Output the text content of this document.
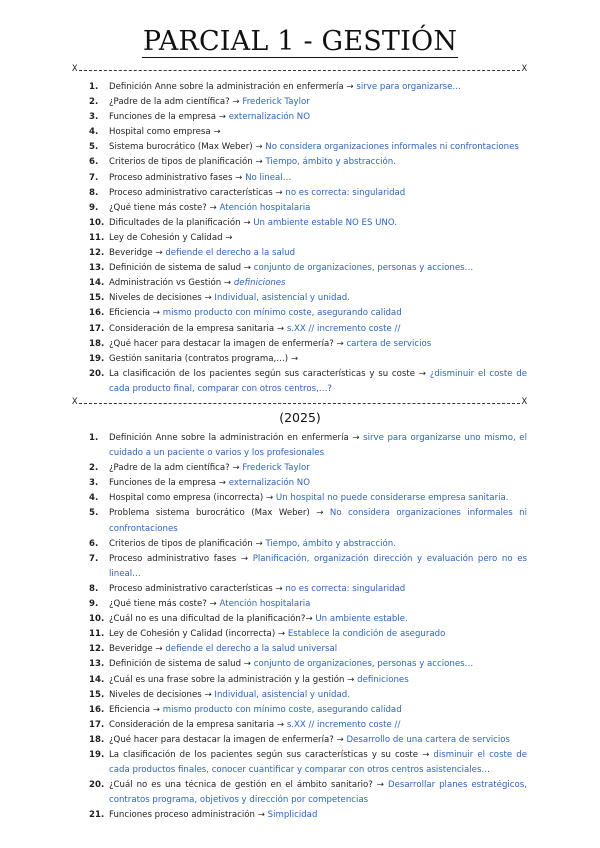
PARCIAL 1 - GESTIÓN
X	X
1.	Definición Anne sobre la administración en enfermería → sirve para organizarse…
2.	¿Padre de la adm científica? → Frederick Taylor
3.	Funciones de la empresa → externalización NO
4.	Hospital como empresa →
5.	Sistema burocrático (Max Weber) → No considera organizaciones informales ni confrontaciones
6.	Criterios de tipos de planificación → Tiempo, ámbito y abstracción.
7.	Proceso administrativo fases → No lineal…
8.	Proceso administrativo características → no es correcta: singularidad
9.	¿Qué tiene más coste? → Atención hospitalaria
10. Dificultades de la planificación → Un ambiente estable NO ES UNO.
11. Ley de Cohesión y Calidad →
12. Beveridge → defiende el derecho a la salud
13. Definición de sistema de salud → conjunto de organizaciones, personas y acciones…
14. Administración vs Gestión → definiciones
15. Niveles de decisiones → Individual, asistencial y unidad.
16. Eficiencia → mismo producto con mínimo coste, asegurando calidad
17. Consideración de la empresa sanitaria → s.XX // incremento coste //
18. ¿Qué hacer para destacar la imagen de enfermería? → cartera de servicios
19. Gestión sanitaria (contratos programa,…) →
20. La clasificación de los pacientes según sus características y su coste → ¿disminuir el coste de cada producto final, comparar con otros centros,…?
X	X
(2025)
1.	Definición Anne sobre la administración en enfermería → sirve para organizarse uno mismo, el cuidado a un paciente o varios y los profesionales
2.	¿Padre de la adm científica? → Frederick Taylor
3.	Funciones de la empresa → externalización NO
4.	Hospital como empresa (incorrecta) → Un hospital no puede considerarse empresa sanitaria.
5.	Problema sistema burocrático (Max Weber) → No considera organizaciones informales ni confrontaciones
6.	Criterios de tipos de planificación → Tiempo, ámbito y abstracción.
7.	Proceso administrativo fases → Planificación, organización dirección y evaluación pero no es lineal…
8.	Proceso administrativo características → no es correcta: singularidad
9.	¿Qué tiene más coste? → Atención hospitalaria
10. ¿Cuál no es una dificultad de la planificación?→ Un ambiente estable.
11. Ley de Cohesión y Calidad (incorrecta) → Establece la condición de asegurado
12. Beveridge → defiende el derecho a la salud universal
13. Definición de sistema de salud → conjunto de organizaciones, personas y acciones…
14. ¿Cuál es una frase sobre la administración y la gestión → definiciones
15. Niveles de decisiones → Individual, asistencial y unidad.
16. Eficiencia → mismo producto con mínimo coste, asegurando calidad
17. Consideración de la empresa sanitaria → s.XX // incremento coste //
18. ¿Qué hacer para destacar la imagen de enfermería? → Desarrollo de una cartera de servicios
19. La clasificación de los pacientes según sus características y su coste → disminuir el coste de cada productos finales, conocer cuantificar y comparar con otros centros asistenciales…
20. ¿Cuál no es una técnica de gestión en el ámbito sanitario? → Desarrollar planes estratégicos, contratos programa, objetivos y dirección por competencias
21. Funciones proceso administración → Simplicidad
